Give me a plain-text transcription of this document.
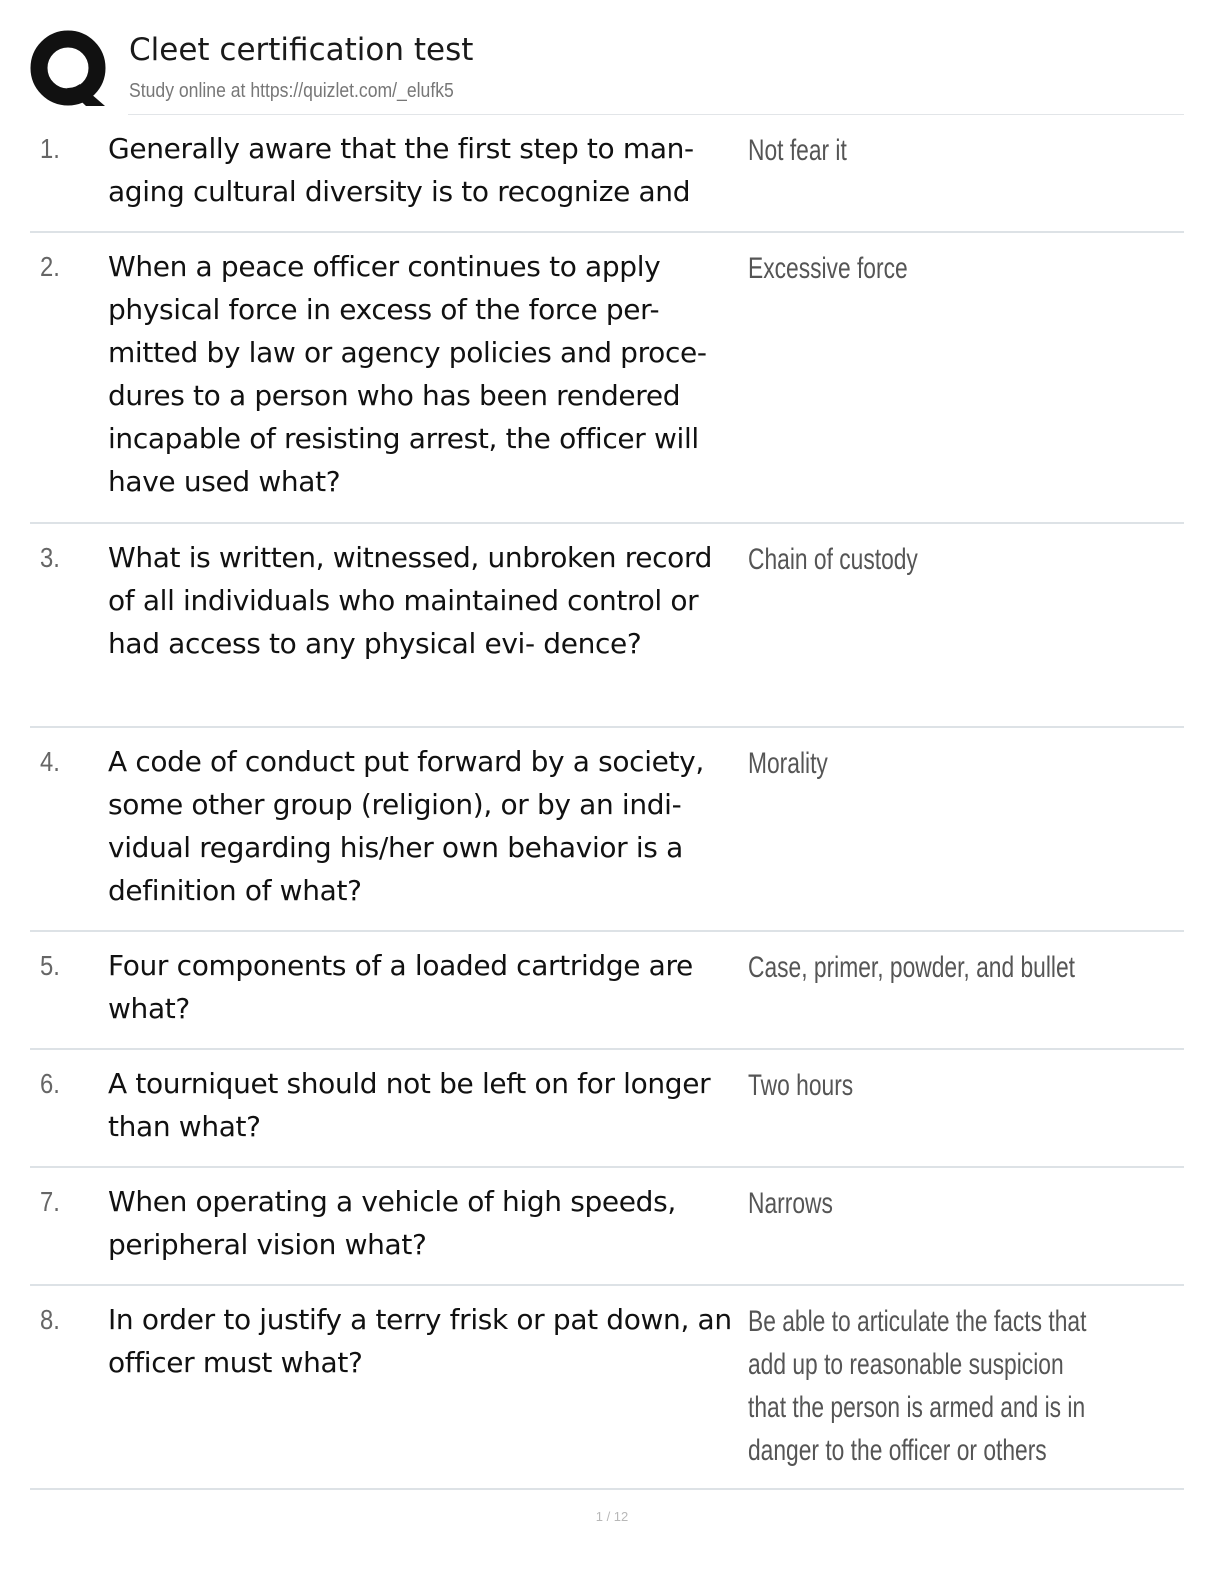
Cleet certification test
Study online at https://quizlet.com/_elufk5
1. Generally aware that the first step to man- aging cultural diversity is to recognize and
Not fear it
2. When a peace officer continues to apply physical force in excess of the force per- mitted by law or agency policies and proce- dures to a person who has been rendered incapable of resisting arrest, the officer will have used what?
Excessive force
3. What is written, witnessed, unbroken record of all individuals who maintained control or had access to any physical evi- dence?
Chain of custody
4. A code of conduct put forward by a society, some other group (religion), or by an indi- vidual regarding his/her own behavior is a definition of what?
Morality
5. Four components of a loaded cartridge are what?
Case, primer, powder, and bullet
6. A tourniquet should not be left on for longer than what?
Two hours
7. When operating a vehicle of high speeds, peripheral vision what?
Narrows
8. In order to justify a terry frisk or pat down, an officer must what?
Be able to articulate the facts that add up to reasonable suspicion that the person is armed and is in danger to the officer or others
1 / 12
